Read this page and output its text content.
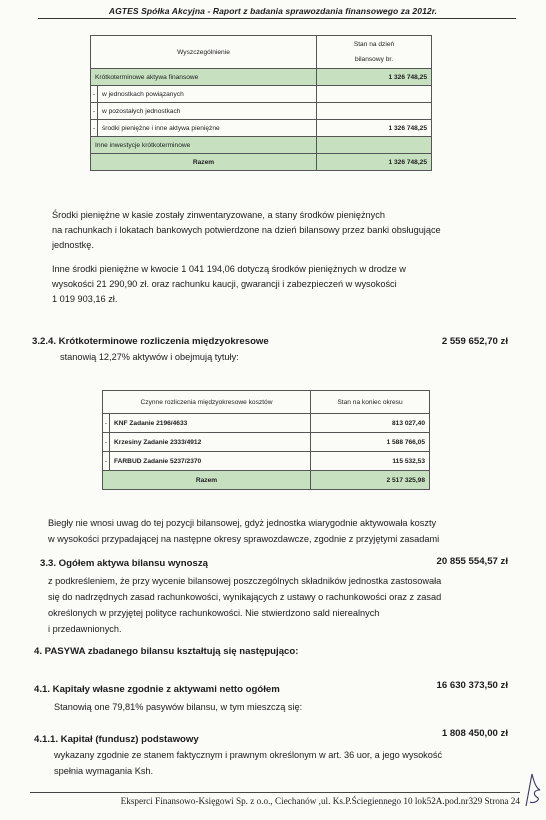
AGTES Spółka Akcyjna - Raport z badania sprawozdania finansowego za 2012r.
Wyszczególnienie		Stan na dzień
bilansowy br.

Krótkoterminowe aktywa finansowe		1 326 748,25
-	w jednostkach powiązanych	
-	w pozostałych jednostkach	
-	środki pieniężne i inne aktywa pieniężne	1 326 748,25
Inne inwestycje krótkoterminowe		
Razem		1 326 748,25
Środki pieniężne w kasie zostały zinwentaryzowane, a stany środków pieniężnych
na rachunkach i lokatach bankowych potwierdzone na dzień bilansowy przez banki obsługujące
jednostkę.
Inne środki pieniężne w kwocie 1 041 194,06 dotyczą środków pieniężnych w drodze w
wysokości 21 290,90 zł. oraz rachunku kaucji, gwarancji i zabezpieczeń w wysokości
1 019 903,16 zł.
3.2.4. Krótkoterminowe rozliczenia międzyokresowe	2 559 652,70 zł
stanowią 12,27% aktywów i obejmują tytuły:
Czynne rozliczenia międzyokresowe kosztów		Stan na koniec okresu
-	KNF Zadanie 2196/4633	813 027,40
-	Krzesiny Zadanie 2333/4912	1 588 766,05
-	FARBUD Zadanie 5237/2370	115 532,53
Razem		2 517 325,98
Biegły nie wnosi uwag do tej pozycji bilansowej, gdyż jednostka wiarygodnie aktywowała koszty
w wysokości przypadającej na następne okresy sprawozdawcze, zgodnie z przyjętymi zasadami
3.3. Ogółem aktywa bilansu wynoszą	20 855 554,57 zł
z podkreśleniem, że przy wycenie bilansowej poszczególnych składników jednostka zastosowała
się do nadrzędnych zasad rachunkowości, wynikających z ustawy o rachunkowości oraz z zasad
określonych w przyjętej polityce rachunkowości. Nie stwierdzono sald nierealnych
i przedawnionych.
4. PASYWA zbadanego bilansu kształtują się następująco:
4.1. Kapitały własne zgodnie z aktywami netto ogółem	16 630 373,50 zł
Stanowią one 79,81% pasywów bilansu, w tym mieszczą się:
4.1.1. Kapitał (fundusz) podstawowy
1 808 450,00 zł
wykazany zgodnie ze stanem faktycznym i prawnym określonym w art. 36 uor, a jego wysokość
spełnia wymagania Ksh.
Eksperci Finansowo-Księgowi Sp. z o.o., Ciechanów ,ul. Ks.P.Ściegiennego 10 lok52A.pod.nr329 Strona 24
